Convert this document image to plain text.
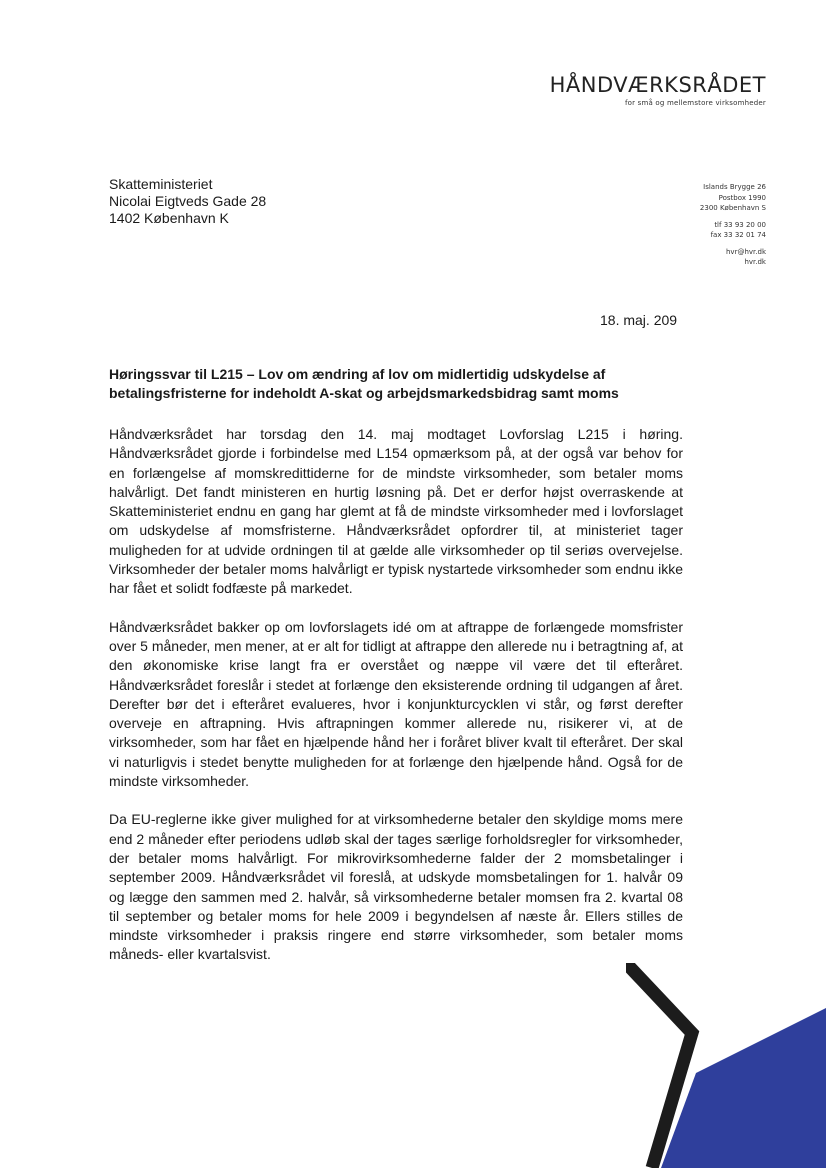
HÅNDVÆRKSRÅDET
for små og mellemstore virksomheder
Skatteministeriet
Nicolai Eigtveds Gade 28
1402 København K
Islands Brygge 26
Postbox 1990
2300 København S
tlf 33 93 20 00
fax 33 32 01 74
hvr@hvr.dk
hvr.dk
18. maj. 209
Høringssvar til L215 – Lov om ændring af lov om midlertidig udskydelse af betalingsfristerne for indeholdt A-skat og arbejdsmarkedsbidrag samt moms

Håndværksrådet har torsdag den 14. maj modtaget Lovforslag L215 i høring. Håndværksrådet gjorde i forbindelse med L154 opmærksom på, at der også var behov for en forlængelse af momskredittiderne for de mindste virksomheder, som betaler moms halvårligt. Det fandt ministeren en hurtig løsning på. Det er derfor højst overraskende at Skatteministeriet endnu en gang har glemt at få de mindste virksomheder med i lovforslaget om udskydelse af momsfristerne. Håndværksrådet opfordrer til, at ministeriet tager muligheden for at udvide ordningen til at gælde alle virksomheder op til seriøs overvejelse. Virksomheder der betaler moms halvårligt er typisk nystartede virksomheder som endnu ikke har fået et solidt fodfæste på markedet.

Håndværksrådet bakker op om lovforslagets idé om at aftrappe de forlængede momsfrister over 5 måneder, men mener, at er alt for tidligt at aftrappe den allerede nu i betragtning af, at den økonomiske krise langt fra er overstået og næppe vil være det til efteråret. Håndværksrådet foreslår i stedet at forlænge den eksisterende ordning til udgangen af året. Derefter bør det i efteråret evalueres, hvor i konjunkturcycklen vi står, og først derefter overveje en aftrapning. Hvis aftrapningen kommer allerede nu, risikerer vi, at de virksomheder, som har fået en hjælpende hånd her i foråret bliver kvalt til efteråret. Der skal vi naturligvis i stedet benytte muligheden for at forlænge den hjælpende hånd. Også for de mindste virksomheder.

Da EU-reglerne ikke giver mulighed for at virksomhederne betaler den skyldige moms mere end 2 måneder efter periodens udløb skal der tages særlige forholdsregler for virksomheder, der betaler moms halvårligt. For mikrovirksomhederne falder der 2 momsbetalinger i september 2009. Håndværksrådet vil foreslå, at udskyde momsbetalingen for 1. halvår 09 og lægge den sammen med 2. halvår, så virksomhederne betaler momsen fra 2. kvartal 08 til september og betaler moms for hele 2009 i begyndelsen af næste år. Ellers stilles de mindste virksomheder i praksis ringere end større virksomheder, som betaler moms måneds- eller kvartalsvist.
